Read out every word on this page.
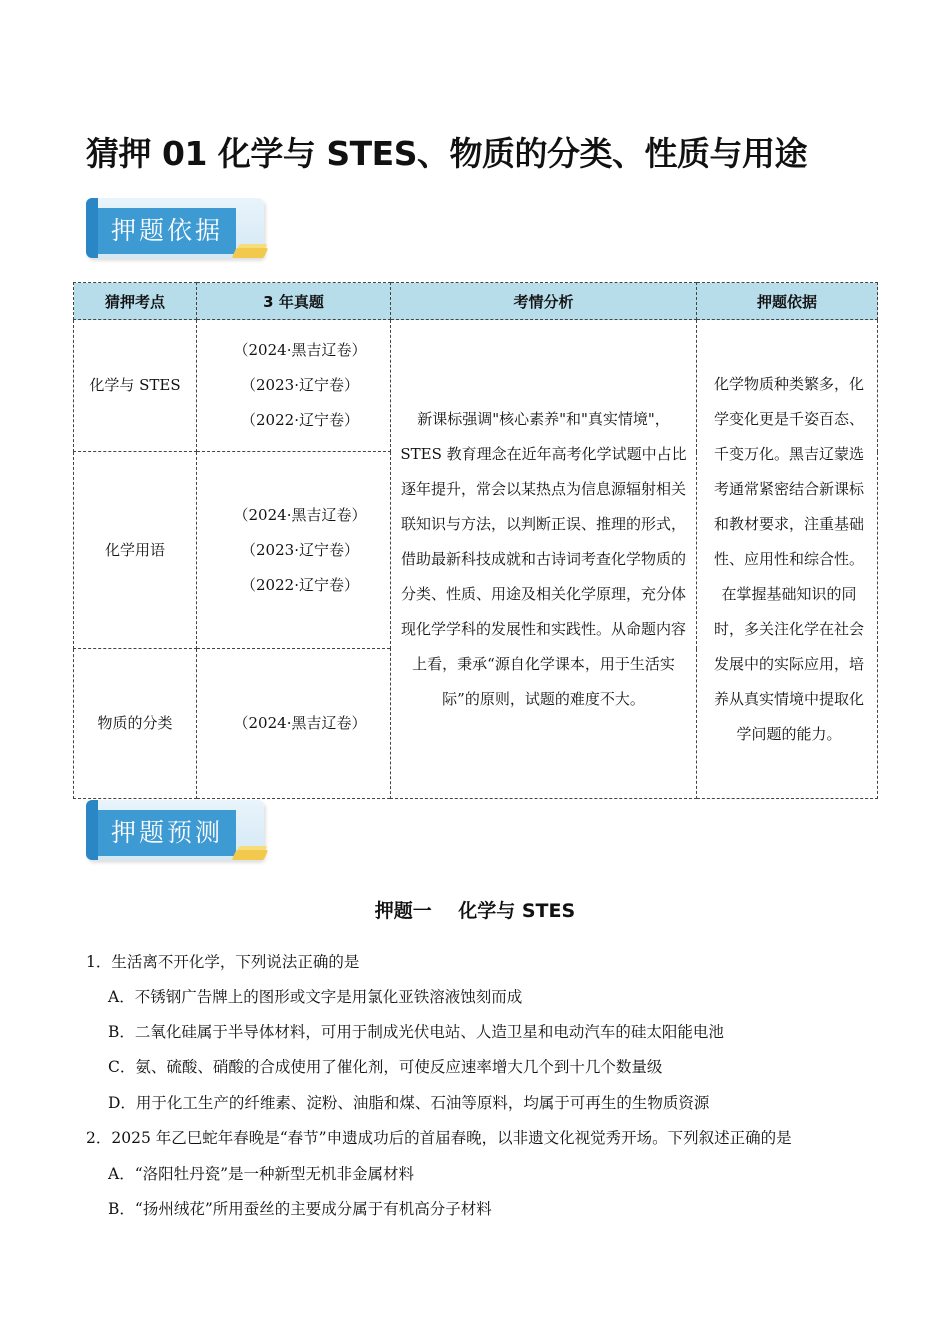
猜押 01 化学与 STES、物质的分类、性质与用途
押题依据
猜押考点	3 年真题	考情分析	押题依据
化学与 STES	（2024·黑吉辽卷）
（2023·辽宁卷）
（2022·辽宁卷）	新课标强调"核心素养"和"真实情境"，STES 教育理念在近年高考化学试题中占比逐年提升，常会以某热点为信息源辐射相关联知识与方法，以判断正误、推理的形式，借助最新科技成就和古诗词考查化学物质的分类、性质、用途及相关化学原理，充分体现化学学科的发展性和实践性。从命题内容上看，秉承“源自化学课本，用于生活实际”的原则，试题的难度不大。	化学物质种类繁多，化学变化更是千姿百态、千变万化。黑吉辽蒙选考通常紧密结合新课标和教材要求，注重基础性、应用性和综合性。在掌握基础知识的同时，多关注化学在社会发展中的实际应用，培养从真实情境中提取化学问题的能力。
化学用语	（2024·黑吉辽卷）
（2023·辽宁卷）
（2022·辽宁卷）		

物质的分类	（2024·黑吉辽卷）		
押题预测
押题一    化学与 STES
1．生活离不开化学，下列说法正确的是
A．不锈钢广告牌上的图形或文字是用氯化亚铁溶液蚀刻而成
B．二氧化硅属于半导体材料，可用于制成光伏电站、人造卫星和电动汽车的硅太阳能电池
C．氨、硫酸、硝酸的合成使用了催化剂，可使反应速率增大几个到十几个数量级
D．用于化工生产的纤维素、淀粉、油脂和煤、石油等原料，均属于可再生的生物质资源
2．2025 年乙巳蛇年春晚是“春节”申遗成功后的首届春晚，以非遗文化视觉秀开场。下列叙述正确的是
A．“洛阳牡丹瓷”是一种新型无机非金属材料
B．“扬州绒花”所用蚕丝的主要成分属于有机高分子材料
